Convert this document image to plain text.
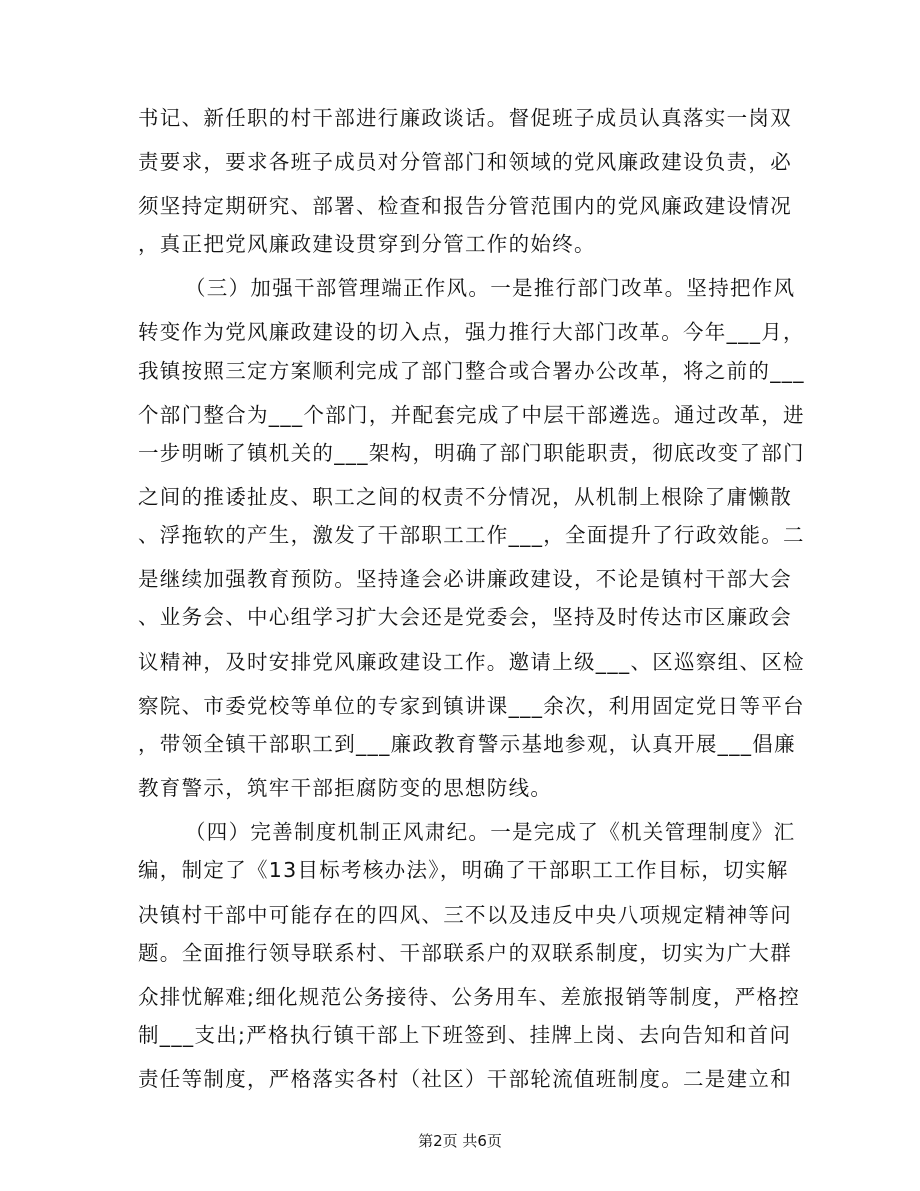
书记、新任职的村干部进行廉政谈话。督促班子成员认真落实一岗双
责要求，要求各班子成员对分管部门和领域的党风廉政建设负责，必
须坚持定期研究、部署、检查和报告分管范围内的党风廉政建设情况
，真正把党风廉政建设贯穿到分管工作的始终。
（三）加强干部管理端正作风。一是推行部门改革。坚持把作风
转变作为党风廉政建设的切入点，强力推行大部门改革。今年___月，
我镇按照三定方案顺利完成了部门整合或合署办公改革，将之前的___
个部门整合为___个部门，并配套完成了中层干部遴选。通过改革，进
一步明晰了镇机关的___架构，明确了部门职能职责，彻底改变了部门
之间的推诿扯皮、职工之间的权责不分情况，从机制上根除了庸懒散
、浮拖软的产生，激发了干部职工工作___，全面提升了行政效能。二
是继续加强教育预防。坚持逢会必讲廉政建设，不论是镇村干部大会
、业务会、中心组学习扩大会还是党委会，坚持及时传达市区廉政会
议精神，及时安排党风廉政建设工作。邀请上级___、区巡察组、区检
察院、市委党校等单位的专家到镇讲课___余次，利用固定党日等平台
，带领全镇干部职工到___廉政教育警示基地参观，认真开展___倡廉
教育警示，筑牢干部拒腐防变的思想防线。
（四）完善制度机制正风肃纪。一是完成了《机关管理制度》汇
编，制定了《13目标考核办法》，明确了干部职工工作目标，切实解
决镇村干部中可能存在的四风、三不以及违反中央八项规定精神等问
题。全面推行领导联系村、干部联系户的双联系制度，切实为广大群
众排忧解难;细化规范公务接待、公务用车、差旅报销等制度，严格控
制___支出;严格执行镇干部上下班签到、挂牌上岗、去向告知和首问
责任等制度，严格落实各村（社区）干部轮流值班制度。二是建立和
第2页 共6页
